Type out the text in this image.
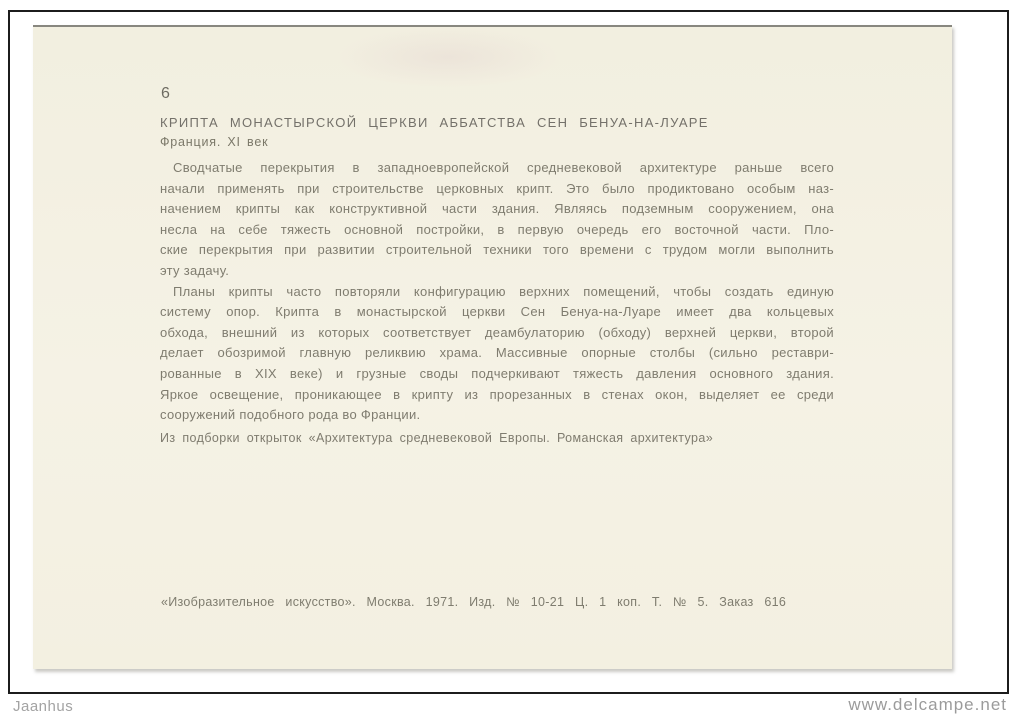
6
КРИПТА МОНАСТЫРСКОЙ ЦЕРКВИ АББАТСТВА СЕН БЕНУА-НА-ЛУАРЕ
Франция. XI век
Сводчатые перекрытия в западноевропейской средневековой архитектуре раньше всего
начали применять при строительстве церковных крипт. Это было продиктовано особым наз-
начением крипты как конструктивной части здания. Являясь подземным сооружением, она
несла на себе тяжесть основной постройки, в первую очередь его восточной части. Пло-
ские перекрытия при развитии строительной техники того времени с трудом могли выполнить
эту задачу.
Планы крипты часто повторяли конфигурацию верхних помещений, чтобы создать единую
систему опор. Крипта в монастырской церкви Сен Бенуа-на-Луаре имеет два кольцевых
обхода, внешний из которых соответствует деамбулаторию (обходу) верхней церкви, второй
делает обозримой главную реликвию храма. Массивные опорные столбы (сильно реставри-
рованные в XIX веке) и грузные своды подчеркивают тяжесть давления основного здания.
Яркое освещение, проникающее в крипту из прорезанных в стенах окон, выделяет ее среди
сооружений подобного рода во Франции.
Из подборки открыток «Архитектура средневековой Европы. Романская архитектура»
«Изобразительное искусство». Москва. 1971. Изд. № 10-21 Ц. 1 коп. Т. № 5. Заказ 616
Jaanhus	www.delcampe.net
